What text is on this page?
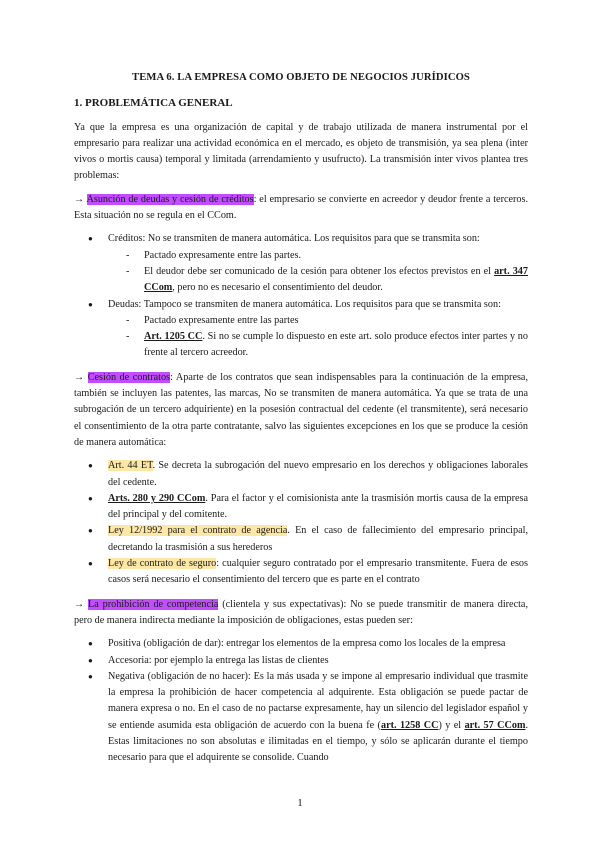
TEMA 6. LA EMPRESA COMO OBJETO DE NEGOCIOS JURÍDICOS
1. PROBLEMÁTICA GENERAL

Ya que la empresa es una organización de capital y de trabajo utilizada de manera instrumental por el empresario para realizar una actividad económica en el mercado, es objeto de transmisión, ya sea plena (inter vivos o mortis causa) temporal y limitada (arrendamiento y usufructo). La transmisión inter vivos plantea tres problemas:

→ Asunción de deudas y cesión de créditos: el empresario se convierte en acreedor y deudor frente a terceros. Esta situación no se regula en el CCom.

● Créditos: No se transmiten de manera automática. Los requisitos para que se transmita son:
- Pactado expresamente entre las partes.
- El deudor debe ser comunicado de la cesión para obtener los efectos previstos en el art. 347 CCom, pero no es necesario el consentimiento del deudor.
● Deudas: Tampoco se transmiten de manera automática. Los requisitos para que se transmita son:
- Pactado expresamente entre las partes
- Art. 1205 CC. Si no se cumple lo dispuesto en este art. solo produce efectos inter partes y no frente al tercero acreedor.

→ Cesión de contratos: Aparte de los contratos que sean indispensables para la continuación de la empresa, también se incluyen las patentes, las marcas, No se transmiten de manera automática. Ya que se trata de una subrogación de un tercero adquiriente) en la posesión contractual del cedente (el transmitente), será necesario el consentimiento de la otra parte contratante, salvo las siguientes excepciones en los que se produce la cesión de manera automática:

● Art. 44 ET. Se decreta la subrogación del nuevo empresario en los derechos y obligaciones laborales del cedente.
● Arts. 280 y 290 CCom. Para el factor y el comisionista ante la trasmisión mortis causa de la empresa del principal y del comitente.
● Ley 12/1992 para el contrato de agencia. En el caso de fallecimiento del empresario principal, decretando la trasmisión a sus herederos
● Ley de contrato de seguro: cualquier seguro contratado por el empresario transmitente. Fuera de esos casos será necesario el consentimiento del tercero que es parte en el contrato

→ La prohibición de competencia (clientela y sus expectativas): No se puede transmitir de manera directa, pero de manera indirecta mediante la imposición de obligaciones, estas pueden ser:

● Positiva (obligación de dar): entregar los elementos de la empresa como los locales de la empresa
● Accesoria: por ejemplo la entrega las listas de clientes
● Negativa (obligación de no hacer): Es la más usada y se impone al empresario individual que trasmite la empresa la prohibición de hacer competencia al adquirente. Esta obligación se puede pactar de manera expresa o no. En el caso de no pactarse expresamente, hay un silencio del legislador español y se entiende asumida esta obligación de acuerdo con la buena fe (art. 1258 CC) y el art. 57 CCom. Estas limitaciones no son absolutas e ilimitadas en el tiempo, y sólo se aplicarán durante el tiempo necesario para que el adquirente se consolide. Cuando
1
